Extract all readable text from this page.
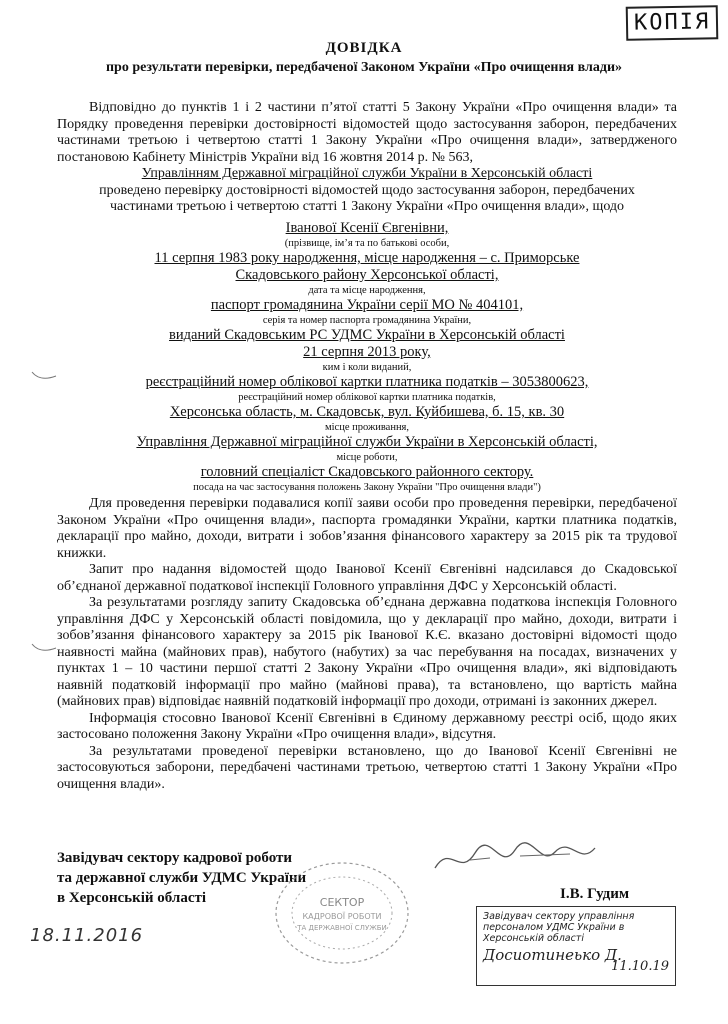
КОПІЯ
ДОВІДКА
про результати перевірки, передбаченої Законом України «Про очищення влади»

Відповідно до пунктів 1 і 2 частини п’ятої статті 5 Закону України «Про очищення влади» та Порядку проведення перевірки достовірності відомостей щодо застосування заборон, передбачених частинами третьою і четвертою статті 1 Закону України «Про очищення влади», затвердженого постановою Кабінету Міністрів України від 16 жовтня 2014 р. № 563,

Управлінням Державної міграційної служби України в Херсонській області
проведено перевірку достовірності відомостей щодо застосування заборон, передбачених
частинами третьою і четвертою статті 1 Закону України «Про очищення влади», щодо
Іванової Ксенії Євгенівни,
(прізвище, ім’я та по батькові особи,
11 серпня 1983 року народження, місце народження – с. Приморське
Скадовського району Херсонської області,
дата та місце народження,
паспорт громадянина України серії МО № 404101,
серія та номер паспорта громадянина України,
виданий Скадовським РС УДМС України в Херсонській області
21 серпня 2013 року,
ким і коли виданий,
реєстраційний номер облікової картки платника податків – 3053800623,
реєстраційний номер облікової картки платника податків,
Херсонська область, м. Скадовськ, вул. Куйбишева, б. 15, кв. 30
місце проживання,
Управління Державної міграційної служби України в Херсонській області,
місце роботи,
головний спеціаліст Скадовського районного сектору.
посада на час застосування положень Закону України "Про очищення влади")

Для проведення перевірки подавалися копії заяви особи про проведення перевірки, передбаченої Законом України «Про очищення влади», паспорта громадянки України, картки платника податків, декларації про майно, доходи, витрати і зобов’язання фінансового характеру за 2015 рік та трудової книжки.

Запит про надання відомостей щодо Іванової Ксенії Євгенівні надсилався до Скадовської об’єднаної державної податкової інспекції Головного управління ДФС у Херсонській області.

За результатами розгляду запиту Скадовська об’єднана державна податкова інспекція Головного управління ДФС у Херсонській області повідомила, що у декларації про майно, доходи, витрати і зобов’язання фінансового характеру за 2015 рік Іванової К.Є. вказано достовірні відомості щодо наявності майна (майнових прав), набутого (набутих) за час перебування на посадах, визначених у пунктах 1 – 10 частини першої статті 2 Закону України «Про очищення влади», які відповідають наявній податковій інформації про майно (майнові права), та встановлено, що вартість майна (майнових прав) відповідає наявній податковій інформації про доходи, отримані із законних джерел.

Інформація стосовно Іванової Ксенії Євгенівні в Єдиному державному реєстрі осіб, щодо яких застосовано положення Закону України «Про очищення влади», відсутня.

За результатами проведеної перевірки встановлено, що до Іванової Ксенії Євгенівні не застосовуються заборони, передбачені частинами третьою, четвертою статті 1 Закону України «Про очищення влади».

Завідувач сектору кадрової роботи
та державної служби УДМС України
в Херсонській області	І.В. Гудим
СЕКТОР
КАДРОВОЇ РОБОТИ
ТА ДЕРЖАВНОЇ СЛУЖБИ
18.11.2016
Завідувач сектору управління
персоналом УДМС України в
Херсонській області
Досиотинеько Д.
11.10.19
